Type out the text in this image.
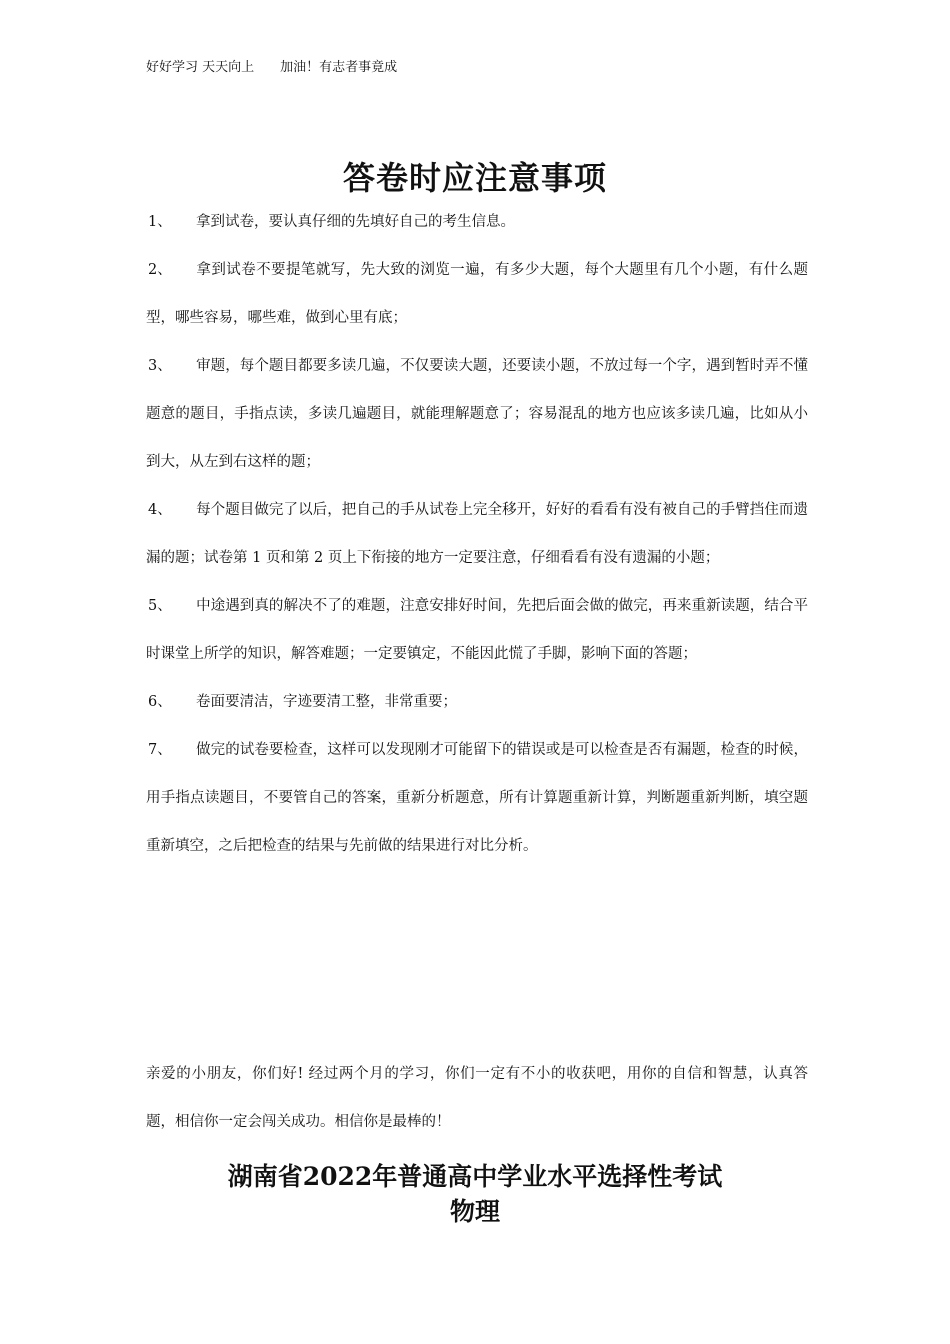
好好学习 天天向上 加油！有志者事竟成
答卷时应注意事项

1、 拿到试卷，要认真仔细的先填好自己的考生信息。

2、 拿到试卷不要提笔就写，先大致的浏览一遍，有多少大题，每个大题里有几个小题，有什么题型，哪些容易，哪些难，做到心里有底；

3、 审题，每个题目都要多读几遍，不仅要读大题，还要读小题，不放过每一个字，遇到暂时弄不懂题意的题目，手指点读，多读几遍题目，就能理解题意了；容易混乱的地方也应该多读几遍，比如从小到大，从左到右这样的题；

4、 每个题目做完了以后，把自己的手从试卷上完全移开，好好的看看有没有被自己的手臂挡住而遗漏的题；试卷第 1 页和第 2 页上下衔接的地方一定要注意，仔细看看有没有遗漏的小题；

5、 中途遇到真的解决不了的难题，注意安排好时间，先把后面会做的做完，再来重新读题，结合平时课堂上所学的知识，解答难题；一定要镇定，不能因此慌了手脚，影响下面的答题；

6、 卷面要清洁，字迹要清工整，非常重要；

7、 做完的试卷要检查，这样可以发现刚才可能留下的错误或是可以检查是否有漏题，检查的时候，用手指点读题目，不要管自己的答案，重新分析题意，所有计算题重新计算，判断题重新判断，填空题重新填空，之后把检查的结果与先前做的结果进行对比分析。

亲爱的小朋友，你们好! 经过两个月的学习，你们一定有不小的收获吧，用你的自信和智慧，认真答题，相信你一定会闯关成功。相信你是最棒的！

湖南省2022年普通高中学业水平选择性考试
物理
